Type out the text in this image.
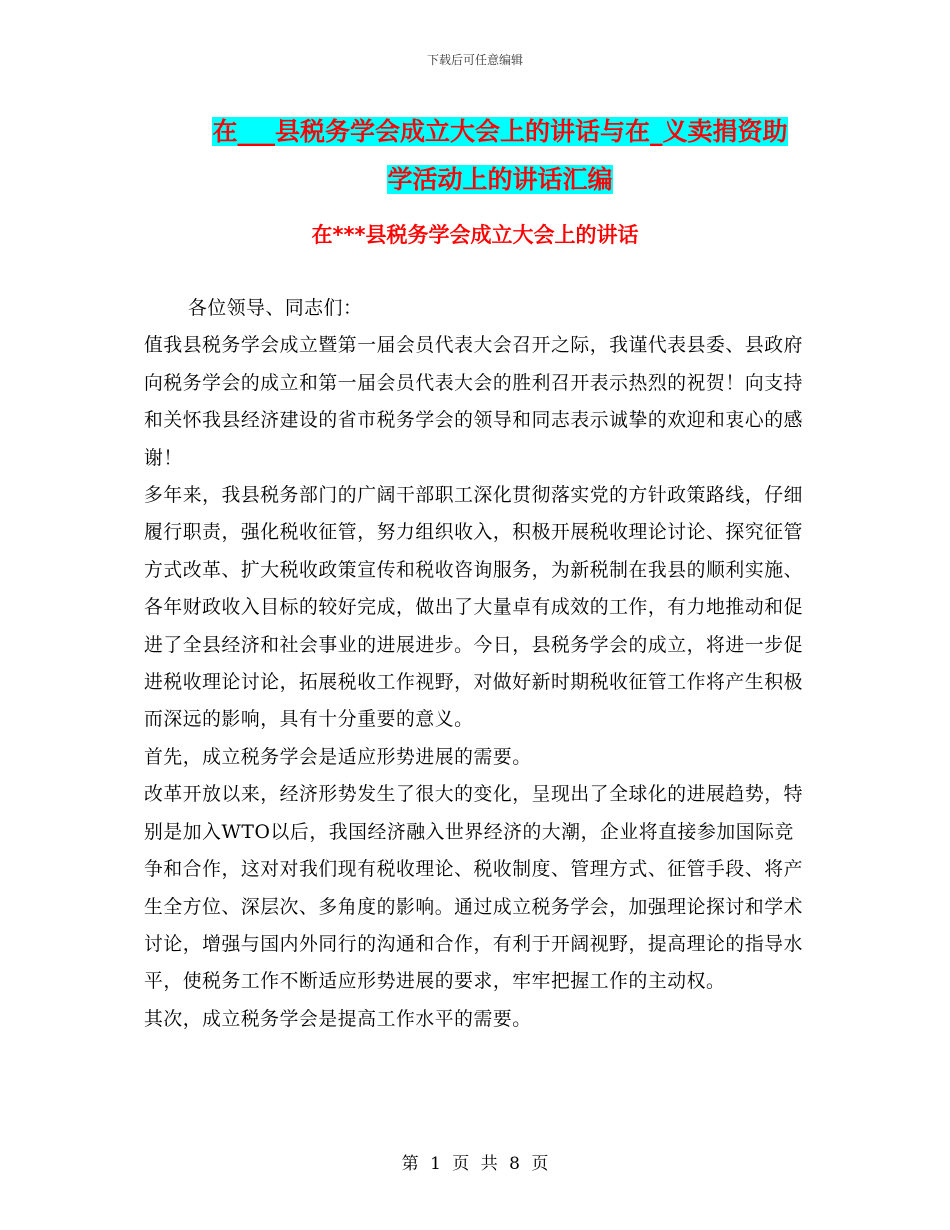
下载后可任意编辑
在___县税务学会成立大会上的讲话与在_义卖捐资助
学活动上的讲话汇编
在***县税务学会成立大会上的讲话

各位领导、同志们：

值我县税务学会成立暨第一届会员代表大会召开之际，我谨代表县委、县政府向税务学会的成立和第一届会员代表大会的胜利召开表示热烈的祝贺！向支持和关怀我县经济建设的省市税务学会的领导和同志表示诚挚的欢迎和衷心的感谢！

多年来，我县税务部门的广阔干部职工深化贯彻落实党的方针政策路线，仔细履行职责，强化税收征管，努力组织收入，积极开展税收理论讨论、探究征管方式改革、扩大税收政策宣传和税收咨询服务，为新税制在我县的顺利实施、各年财政收入目标的较好完成，做出了大量卓有成效的工作，有力地推动和促进了全县经济和社会事业的进展进步。今日，县税务学会的成立，将进一步促进税收理论讨论，拓展税收工作视野，对做好新时期税收征管工作将产生积极而深远的影响，具有十分重要的意义。

首先，成立税务学会是适应形势进展的需要。

改革开放以来，经济形势发生了很大的变化，呈现出了全球化的进展趋势，特别是加入WTO以后，我国经济融入世界经济的大潮，企业将直接参加国际竞争和合作，这对对我们现有税收理论、税收制度、管理方式、征管手段、将产生全方位、深层次、多角度的影响。通过成立税务学会，加强理论探讨和学术讨论，增强与国内外同行的沟通和合作，有利于开阔视野，提高理论的指导水平，使税务工作不断适应形势进展的要求，牢牢把握工作的主动权。

其次，成立税务学会是提高工作水平的需要。

第 1 页 共 8 页
